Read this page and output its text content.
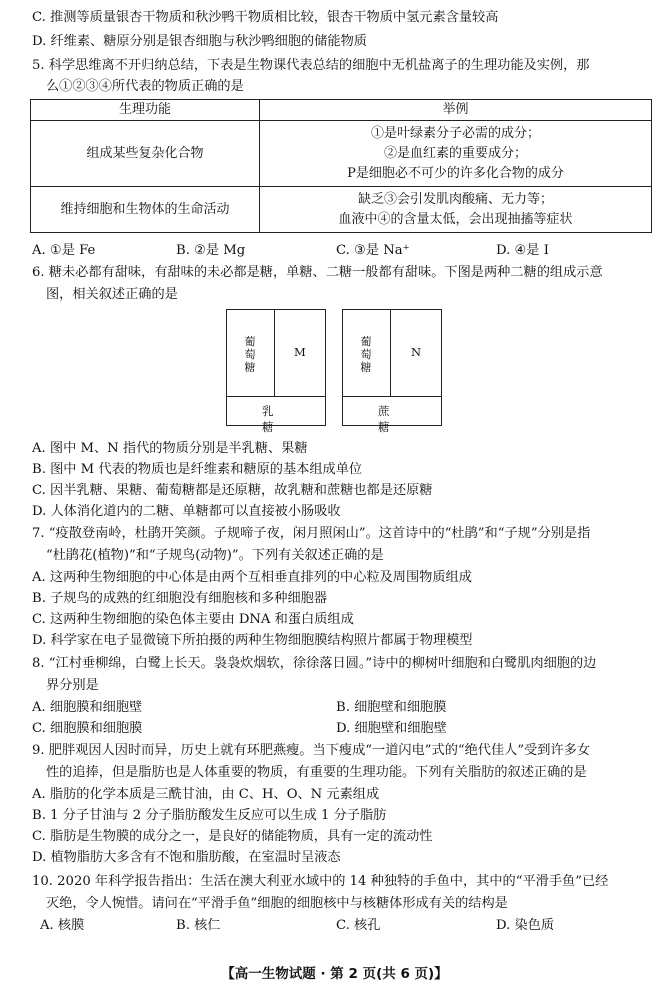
C. 推测等质量银杏干物质和秋沙鸭干物质相比较，银杏干物质中氢元素含量较高
D. 纤维素、糖原分别是银杏细胞与秋沙鸭细胞的储能物质
5. 科学思维离不开归纳总结，下表是生物课代表总结的细胞中无机盐离子的生理功能及实例，那
么①②③④所代表的物质正确的是
生理功能	举例
组成某些复杂化合物	①是叶绿素分子必需的成分；
②是血红素的重要成分；
P是细胞必不可少的许多化合物的成分

维持细胞和生物体的生命活动	缺乏③会引发肌肉酸痛、无力等；
血液中④的含量太低，会出现抽搐等症状
A. ①是 Fe	B. ②是 Mg	C. ③是 Na⁺	D. ④是 I
6. 糖未必都有甜味，有甜味的未必都是糖，单糖、二糖一般都有甜味。下图是两种二糖的组成示意
图，相关叙述正确的是
葡萄糖
M
乳糖
葡萄糖
N
蔗糖
A. 图中 M、N 指代的物质分别是半乳糖、果糖
B. 图中 M 代表的物质也是纤维素和糖原的基本组成单位
C. 因半乳糖、果糖、葡萄糖都是还原糖，故乳糖和蔗糖也都是还原糖
D. 人体消化道内的二糖、单糖都可以直接被小肠吸收
7. “疫散登南岭，杜鹃开笑颜。子规啼子夜，闲月照闲山”。这首诗中的“杜鹃”和“子规”分别是指
“杜鹃花(植物)”和“子规鸟(动物)”。下列有关叙述正确的是
A. 这两种生物细胞的中心体是由两个互相垂直排列的中心粒及周围物质组成
B. 子规鸟的成熟的红细胞没有细胞核和多种细胞器
C. 这两种生物细胞的染色体主要由 DNA 和蛋白质组成
D. 科学家在电子显微镜下所拍摄的两种生物细胞膜结构照片都属于物理模型
8. “江村垂柳绵，白鹭上长天。袅袅炊烟软，徐徐落日圆。”诗中的柳树叶细胞和白鹭肌肉细胞的边
界分别是
A. 细胞膜和细胞壁	B. 细胞壁和细胞膜
C. 细胞膜和细胞膜	D. 细胞壁和细胞壁
9. 肥胖观因人因时而异，历史上就有环肥燕瘦。当下瘦成“一道闪电”式的“绝代佳人”受到许多女
性的追捧，但是脂肪也是人体重要的物质，有重要的生理功能。下列有关脂肪的叙述正确的是
A. 脂肪的化学本质是三酰甘油，由 C、H、O、N 元素组成
B. 1 分子甘油与 2 分子脂肪酸发生反应可以生成 1 分子脂肪
C. 脂肪是生物膜的成分之一，是良好的储能物质，具有一定的流动性
D. 植物脂肪大多含有不饱和脂肪酸，在室温时呈液态
10. 2020 年科学报告指出：生活在澳大利亚水域中的 14 种独特的手鱼中，其中的“平滑手鱼”已经
灭绝，令人惋惜。请问在“平滑手鱼”细胞的细胞核中与核糖体形成有关的结构是
A. 核膜	B. 核仁	C. 核孔	D. 染色质
【高一生物试题 · 第 2 页(共 6 页)】
